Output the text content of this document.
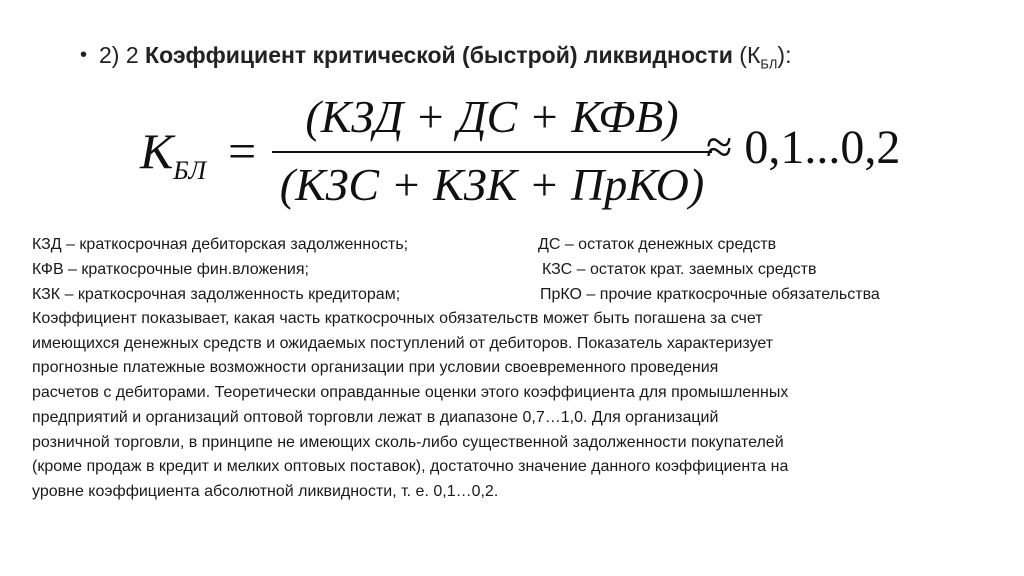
• 2) 2 Коэффициент критической (быстрой) ликвидности $(К_{БЛ})$:
$К_{БЛ}$ =
(КЗД + ДС + КФВ)
(КЗС + КЗК + ПрКО)
≈ 0,1...0,2
КЗД – краткосрочная дебиторская задолженность;	ДС – остаток денежных средств
КФВ – краткосрочные фин.вложения;	КЗС – остаток крат. заемных средств
КЗК – краткосрочная задолженность кредиторам;	ПрКО – прочие краткосрочные обязательства
Коэффициент показывает, какая часть краткосрочных обязательств может быть погашена за счет
имеющихся денежных средств и ожидаемых поступлений от дебиторов. Показатель характеризует
прогнозные платежные возможности организации при условии своевременного проведения
расчетов с дебиторами. Теоретически оправданные оценки этого коэффициента для промышленных
предприятий и организаций оптовой торговли лежат в диапазоне 0,7…1,0. Для организаций
розничной торговли, в принципе не имеющих сколь-либо существенной задолженности покупателей
(кроме продаж в кредит и мелких оптовых поставок), достаточно значение данного коэффициента на
уровне коэффициента абсолютной ликвидности, т. е. 0,1…0,2.
